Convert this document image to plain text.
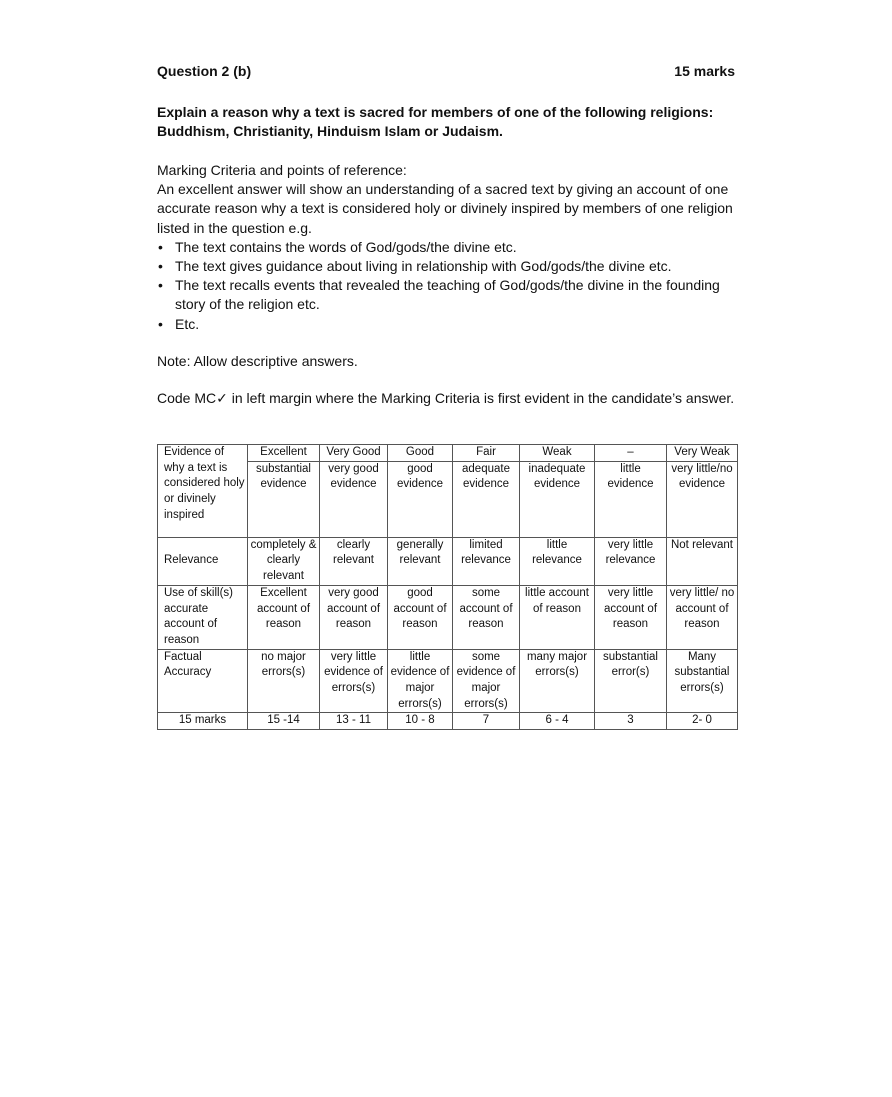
Question 2 (b)	15 marks
Explain a reason why a text is sacred for members of one of the following religions: Buddhism, Christianity, Hinduism Islam or Judaism.
Marking Criteria and points of reference:
An excellent answer will show an understanding of a sacred text by giving an account of one accurate reason why a text is considered holy or divinely inspired by members of one religion listed in the question e.g.
• The text contains the words of God/gods/the divine etc.
• The text gives guidance about living in relationship with God/gods/the divine etc.
• The text recalls events that revealed the teaching of God/gods/the divine in the founding story of the religion etc.
• Etc.
Note: Allow descriptive answers.
Code MC✓ in left margin where the Marking Criteria is first evident in the candidate’s answer.
Evidence of why a text is considered holy or divinely inspired	Excellent	Very Good	Good	Fair	Weak	–	Very Weak
	substantial evidence	very good evidence	good evidence	adequate evidence	inadequate evidence	little evidence	very little/no evidence
Relevance	completely & clearly relevant	clearly relevant	generally relevant	limited relevance	little relevance	very little relevance	Not relevant
Use of skill(s) accurate account of reason	Excellent account of reason	very good account of reason	good account of reason	some account of reason	little account of reason	very little account of reason	very little/ no account of reason
Factual Accuracy	no major errors(s)	very little evidence of errors(s)	little evidence of major errors(s)	some evidence of major errors(s)	many major errors(s)	substantial error(s)	Many substantial errors(s)
15 marks	15 -14	13 - 11	10 - 8	7	6 - 4	3	2- 0
